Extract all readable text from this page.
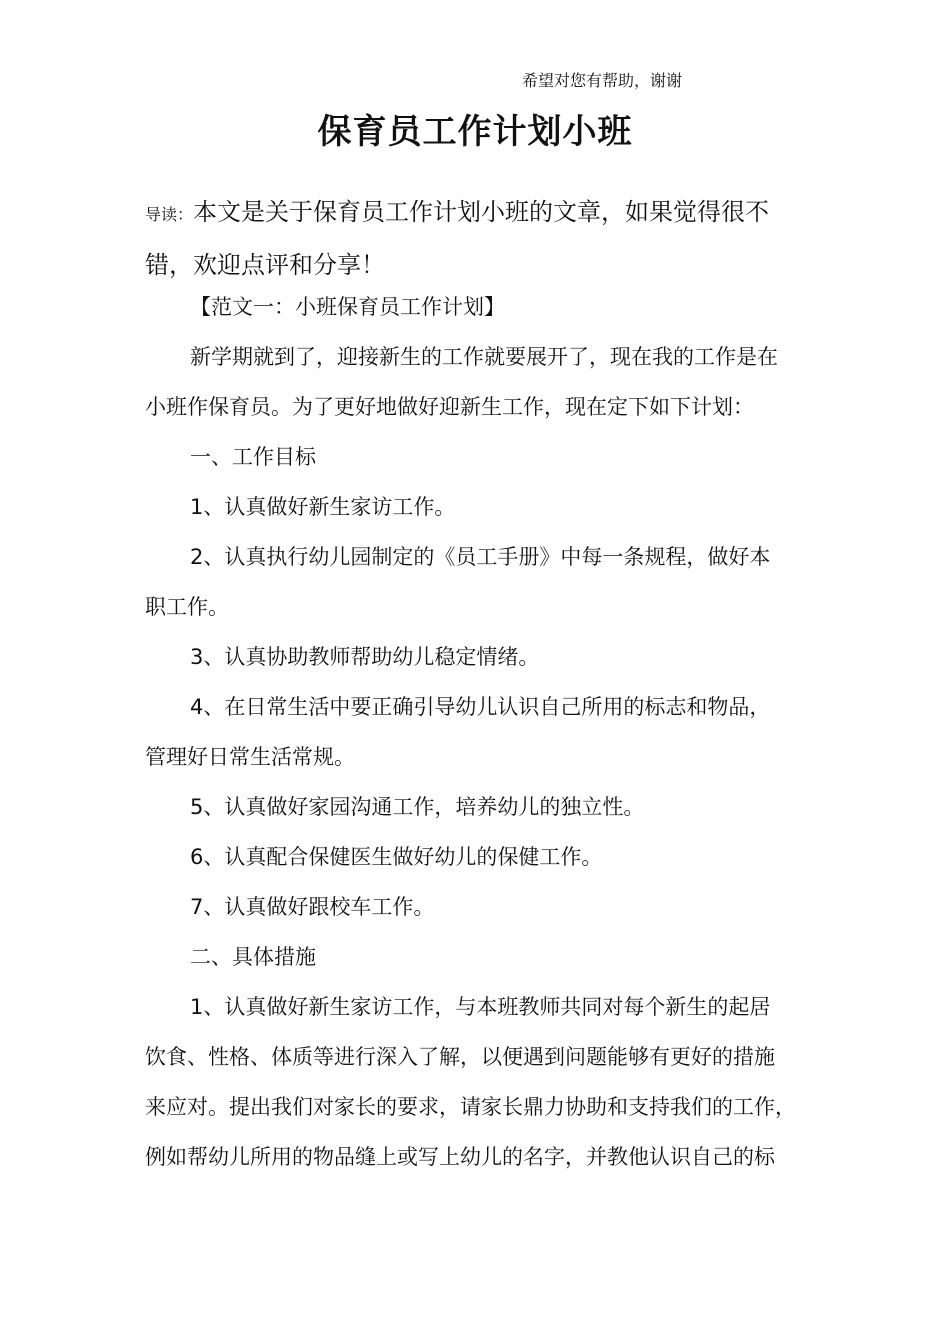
希望对您有帮助，谢谢
保育员工作计划小班
导读：本文是关于保育员工作计划小班的文章，如果觉得很不
错，欢迎点评和分享！
【范文一：小班保育员工作计划】
新学期就到了，迎接新生的工作就要展开了，现在我的工作是在
小班作保育员。为了更好地做好迎新生工作，现在定下如下计划：
一、工作目标
1、认真做好新生家访工作。
2、认真执行幼儿园制定的《员工手册》中每一条规程，做好本
职工作。
3、认真协助教师帮助幼儿稳定情绪。
4、在日常生活中要正确引导幼儿认识自己所用的标志和物品，
管理好日常生活常规。
5、认真做好家园沟通工作，培养幼儿的独立性。
6、认真配合保健医生做好幼儿的保健工作。
7、认真做好跟校车工作。
二、具体措施
1、认真做好新生家访工作，与本班教师共同对每个新生的起居
饮食、性格、体质等进行深入了解，以便遇到问题能够有更好的措施
来应对。提出我们对家长的要求，请家长鼎力协助和支持我们的工作，
例如帮幼儿所用的物品缝上或写上幼儿的名字，并教他认识自己的标
